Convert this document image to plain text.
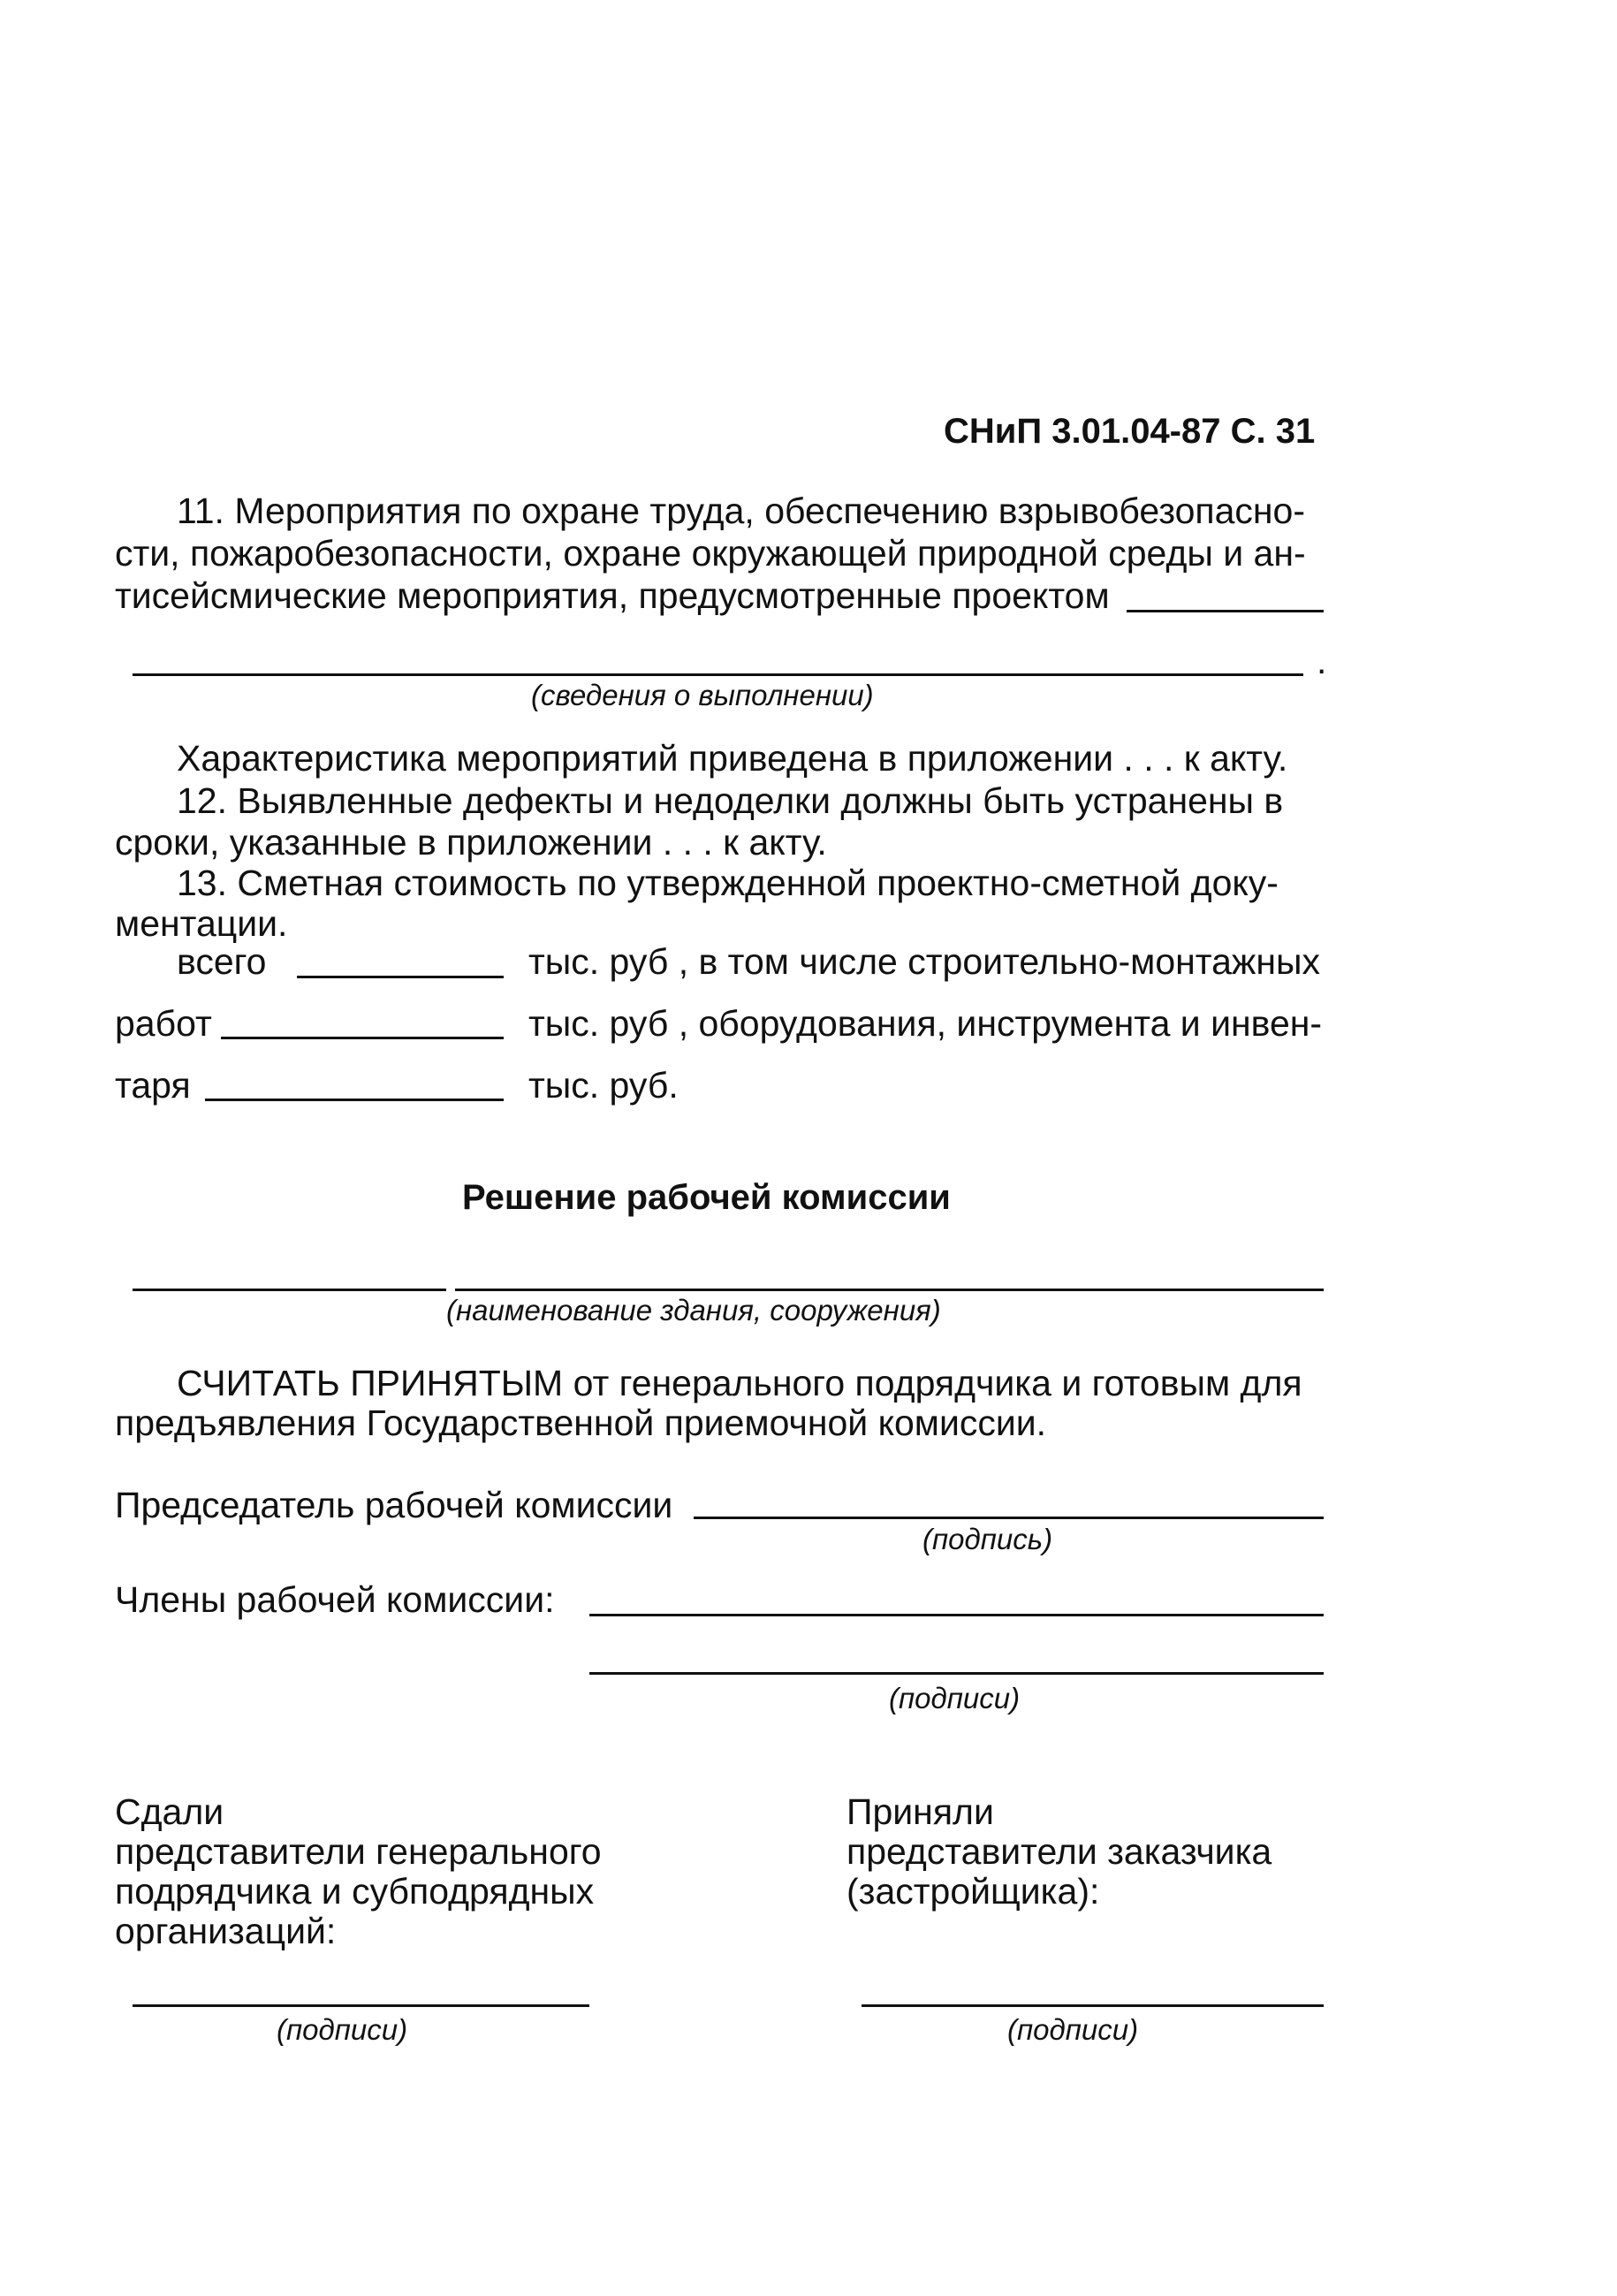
СНиП 3.01.04-87 С. 31
11. Мероприятия по охране труда, обеспечению взрывобезопасно-
сти, пожаробезопасности, охране окружающей природной среды и ан-
тисейсмические мероприятия, предусмотренные проектом
.
(сведения о выполнении)
Характеристика мероприятий приведена в приложении . . . к акту.
12. Выявленные дефекты и недоделки должны быть устранены в
сроки, указанные в приложении . . . к акту.
13. Сметная стоимость по утвержденной проектно-сметной доку-
ментации.
всего	тыс. руб , в том числе строительно-монтажных
работ	тыс. руб , оборудования, инструмента и инвен-
таря	тыс. руб.
Решение рабочей комиссии
(наименование здания, сооружения)
СЧИТАТЬ ПРИНЯТЫМ от генерального подрядчика и готовым для
предъявления Государственной приемочной комиссии.
Председатель рабочей комиссии
(подпись)
Члены рабочей комиссии:
(подписи)
Сдали
представители генерального
подрядчика и субподрядных
организаций:
(подписи)
Приняли
представители заказчика
(застройщика):
(подписи)
